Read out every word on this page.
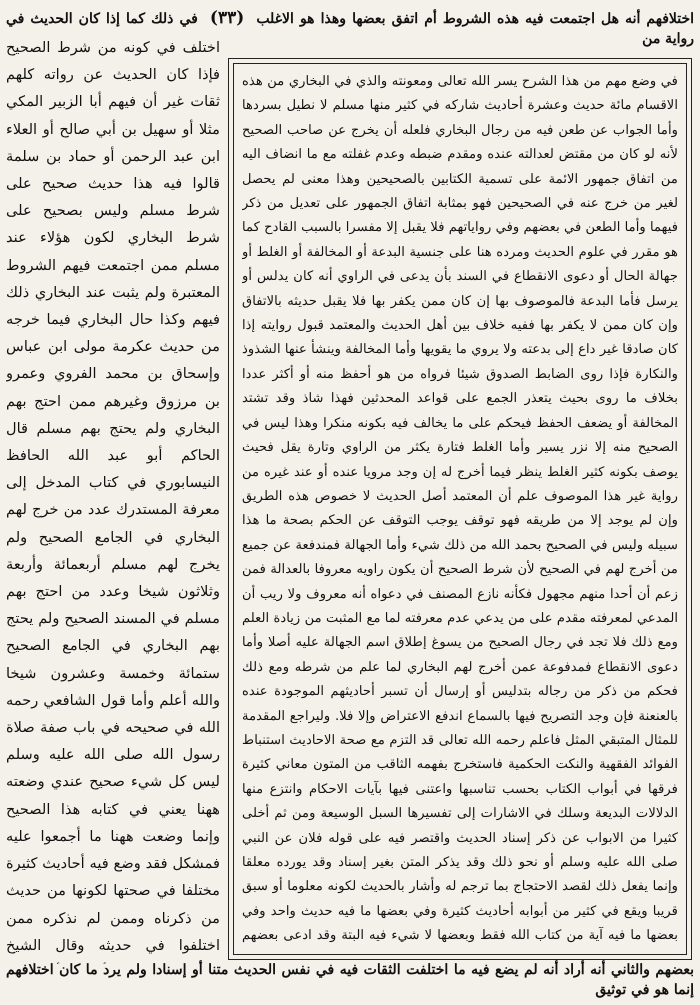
اختلافهم أنه هل اجتمعت فيه هذه الشروط أم اتفق بعضها وهذا هو الاغلب (٣٣) في ذلك كما إذا كان الحديث في رواية من
في وضع مهم من هذا الشرح يسر الله تعالى ومعونته والذي في البخاري من هذه الاقسام مائة حديث وعشرة أحاديث شاركه في كثير منها مسلم لا نطيل بسردها وأما الجواب عن طعن فيه من رجال البخاري فلعله أن يخرج عن صاحب الصحيح لأنه لو كان من مقتض لعدالته عنده ومقدم ضبطه وعدم غفلته مع ما انضاف اليه من اتفاق جمهور الائمة على تسمية الكتابين بالصحيحين وهذا معنى لم يحصل لغير من خرج عنه في الصحيحين فهو بمثابة اتفاق الجمهور على تعديل من ذكر فيهما وأما الطعن في بعضهم وفي رواياتهم فلا يقبل إلا مفسرا بالسبب القادح كما هو مقرر في علوم الحديث ومرده هنا على جنسية البدعة أو المخالفة أو الغلط أو جهالة الحال أو دعوى الانقطاع في السند بأن يدعى في الراوي أنه كان يدلس أو يرسل فأما البدعة فالموصوف بها إن كان ممن يكفر بها فلا يقبل حديثه بالاتفاق وإن كان ممن لا يكفر بها ففيه خلاف بين أهل الحديث والمعتمد قبول روايته إذا كان صادقا غير داع إلى بدعته ولا يروي ما يقويها وأما المخالفة وينشأ عنها الشذوذ والنكارة فإذا روى الضابط الصدوق شيئا فرواه من هو أحفظ منه أو أكثر عددا بخلاف ما روى بحيث يتعذر الجمع على قواعد المحدثين فهذا شاذ وقد تشتد المخالفة أو يضعف الحفظ فيحكم على ما يخالف فيه بكونه منكرا وهذا ليس في الصحيح منه إلا نزر يسير وأما الغلط فتارة يكثر من الراوي وتارة يقل فحيث يوصف بكونه كثير الغلط ينظر فيما أخرج له إن وجد مرويا عنده أو عند غيره من رواية غير هذا الموصوف علم أن المعتمد أصل الحديث لا خصوص هذه الطريق وإن لم يوجد إلا من طريقه فهو توقف يوجب التوقف عن الحكم بصحة ما هذا سبيله وليس في الصحيح بحمد الله من ذلك شيء وأما الجهالة فمندفعة عن جميع من أخرج لهم في الصحيح لأن شرط الصحيح أن يكون راويه معروفا بالعدالة فمن زعم أن أحدا منهم مجهول فكأنه نازع المصنف في دعواه أنه معروف ولا ريب أن المدعي لمعرفته مقدم على من يدعي عدم معرفته لما مع المثبت من زيادة العلم ومع ذلك فلا تجد في رجال الصحيح من يسوغ إطلاق اسم الجهالة عليه أصلا وأما دعوى الانقطاع فمدفوعة عمن أخرج لهم البخاري لما علم من شرطه ومع ذلك فحكم من ذكر من رجاله بتدليس أو إرسال أن تسبر أحاديثهم الموجودة عنده بالعنعنة فإن وجد التصريح فيها بالسماع اندفع الاعتراض وإلا فلا. وليراجع المقدمة للمثال المتبقي المثل فاعلم رحمه الله تعالى قد التزم مع صحة الاحاديث استنباط الفوائد الفقهية والنكت الحكمية فاستخرج بفهمه الثاقب من المتون معاني كثيرة فرقها في أبواب الكتاب بحسب تناسبها واعتنى فيها بآيات الاحكام وانتزع منها الدلالات البديعة وسلك في الاشارات إلى تفسيرها السبل الوسيعة ومن ثم أخلى كثيرا من الابواب عن ذكر إسناد الحديث واقتصر فيه على قوله فلان عن النبي صلى الله عليه وسلم أو نحو ذلك وقد يذكر المتن بغير إسناد وقد يورده معلقا وإنما يفعل ذلك لقصد الاحتجاج بما ترجم له وأشار بالحديث لكونه معلوما أو سبق قريبا ويقع في كثير من أبوابه أحاديث كثيرة وفي بعضها ما فيه حديث واحد وفي بعضها ما فيه آية من كتاب الله فقط وبعضها لا شيء فيه البتة وقد ادعى بعضهم
اختلف في كونه من شرط الصحيح فإذا كان الحديث عن رواته كلهم ثقات غير أن فيهم أبا الزبير المكي مثلا أو سهيل بن أبي صالح أو العلاء ابن عبد الرحمن أو حماد بن سلمة قالوا فيه هذا حديث صحيح على شرط مسلم وليس بصحيح على شرط البخاري لكون هؤلاء عند مسلم ممن اجتمعت فيهم الشروط المعتبرة ولم يثبت عند البخاري ذلك فيهم وكذا حال البخاري فيما خرجه من حديث عكرمة مولى ابن عباس وإسحاق بن محمد الفروي وعمرو بن مرزوق وغيرهم ممن احتج بهم البخاري ولم يحتج بهم مسلم قال الحاكم أبو عبد الله الحافظ النيسابوري في كتاب المدخل إلى معرفة المستدرك عدد من خرج لهم البخاري في الجامع الصحيح ولم يخرج لهم مسلم أربعمائة وأربعة وثلاثون شيخا وعدد من احتج بهم مسلم في المسند الصحيح ولم يحتج بهم البخاري في الجامع الصحيح ستمائة وخمسة وعشرون شيخا والله أعلم وأما قول الشافعي رحمه الله في صحيحه في باب صفة صلاة رسول الله صلى الله عليه وسلم ليس كل شيء صحيح عندي وضعته ههنا يعني في كتابه هذا الصحيح وإنما وضعت ههنا ما أجمعوا عليه فمشكل فقد وضع فيه أحاديث كثيرة مختلفا في صحتها لكونها من حديث من ذكرناه وممن لم نذكره ممن اختلفوا في حديثه وقال الشيخ
بعضهم والثاني أنه أراد أنه لم يضع فيه ما اختلفت الثقات فيه في نفس الحديث متنا أو إسنادا ولم يرد ما كان اختلافهم إنما هو في توثيق
